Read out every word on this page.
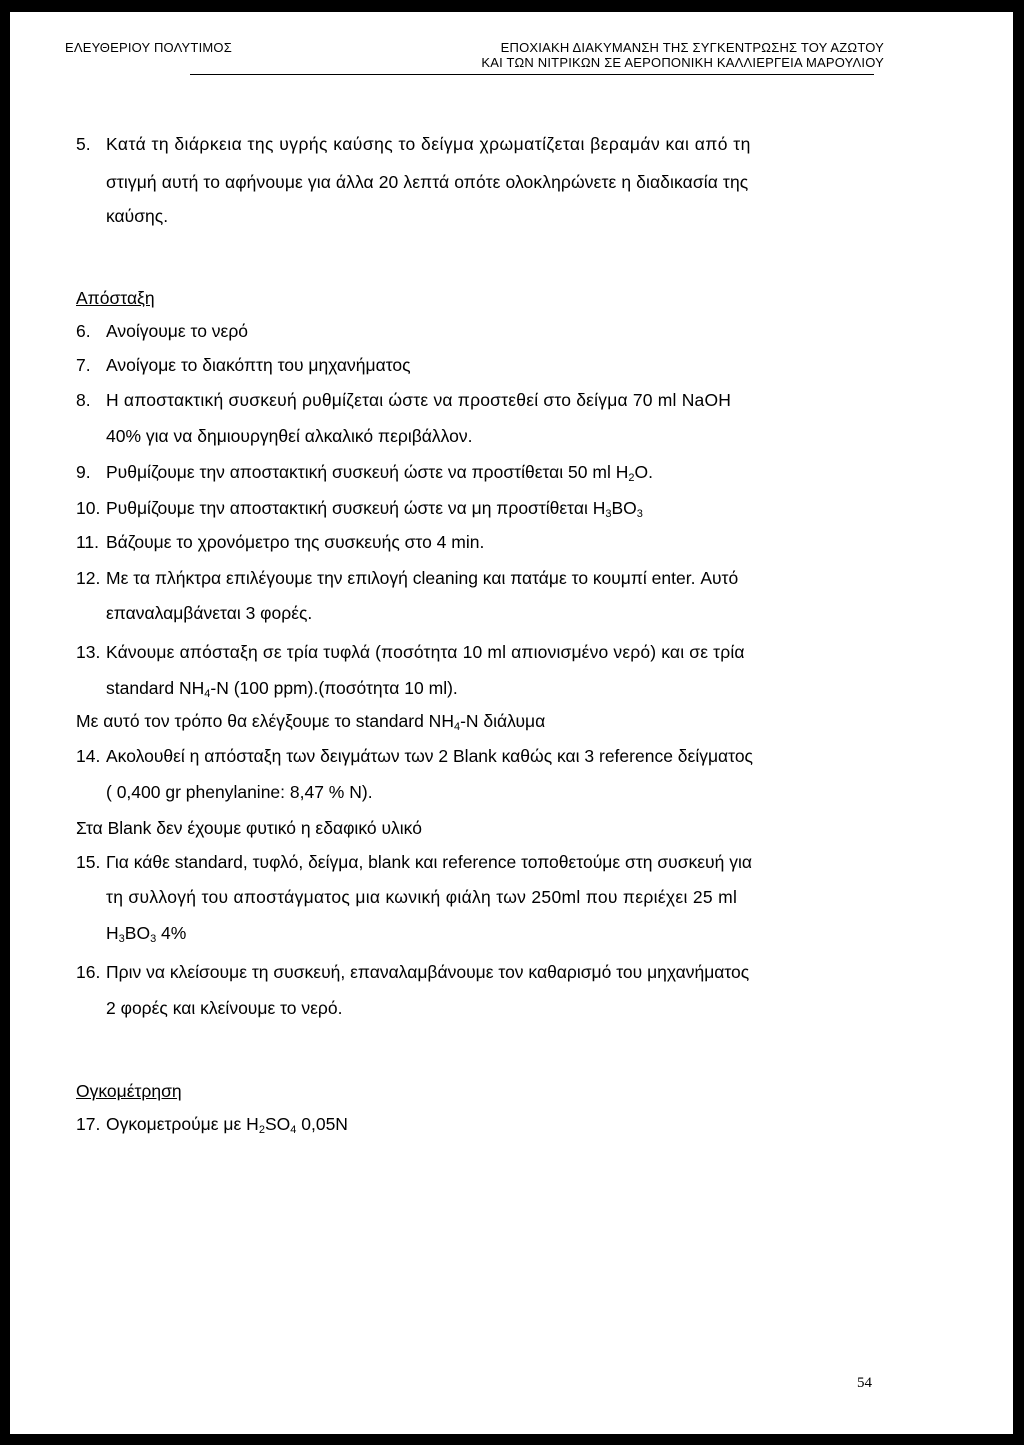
ΕΛΕΥΘΕΡΙΟΥ ΠΟΛΥΤΙΜΟΣ	ΕΠΟΧΙΑΚΗ ΔΙΑΚΥΜΑΝΣΗ ΤΗΣ ΣΥΓΚΕΝΤΡΩΣΗΣ ΤΟΥ ΑΖΩΤΟΥ
ΚΑΙ ΤΩΝ ΝΙΤΡΙΚΩΝ ΣΕ ΑΕΡΟΠΟΝΙΚΗ ΚΑΛΛΙΕΡΓΕΙΑ ΜΑΡΟΥΛΙΟΥ
5. Κατά τη διάρκεια της υγρής καύσης το δείγμα χρωματίζεται βεραμάν και από τη
στιγμή αυτή το αφήνουμε για άλλα 20 λεπτά οπότε ολοκληρώνετε η διαδικασία της
καύσης.
Απόσταξη
6. Ανοίγουμε το νερό
7. Ανοίγομε το διακόπτη του μηχανήματος
8. Η αποστακτική συσκευή ρυθμίζεται ώστε να προστεθεί στο δείγμα 70 ml NaOH
40% για να δημιουργηθεί αλκαλικό περιβάλλον.
9. Ρυθμίζουμε την αποστακτική συσκευή ώστε να προστίθεται 50 ml $H_2O$.
10. Ρυθμίζουμε την αποστακτική συσκευή ώστε να μη προστίθεται $H_3BO_3$
11. Βάζουμε το χρονόμετρο της συσκευής στο 4 min.
12. Με τα πλήκτρα επιλέγουμε την επιλογή cleaning και πατάμε το κουμπί enter. Αυτό
επαναλαμβάνεται 3 φορές.
13. Κάνουμε απόσταξη σε τρία τυφλά (ποσότητα 10 ml απιονισμένο νερό) και σε τρία
standard $NH_4-N$ (100 ppm).(ποσότητα 10 ml).
Με αυτό τον τρόπο θα ελέγξουμε το standard $NH_4-N$ διάλυμα
14. Ακολουθεί η απόσταξη των δειγμάτων των 2 Blank καθώς και 3 reference δείγματος
( 0,400 gr phenylanine: 8,47 % N).
Στα Blank δεν έχουμε φυτικό η εδαφικό υλικό
15. Για κάθε standard, τυφλό, δείγμα, blank και reference τοποθετούμε στη συσκευή για
τη συλλογή του αποστάγματος μια κωνική φιάλη των 250ml που περιέχει 25 ml
$H_3BO_3$ 4%
16. Πριν να κλείσουμε τη συσκευή, επαναλαμβάνουμε τον καθαρισμό του μηχανήματος
2 φορές και κλείνουμε το νερό.
Ογκομέτρηση
17. Ογκομετρούμε με $H_2SO_4$ 0,05N
54
